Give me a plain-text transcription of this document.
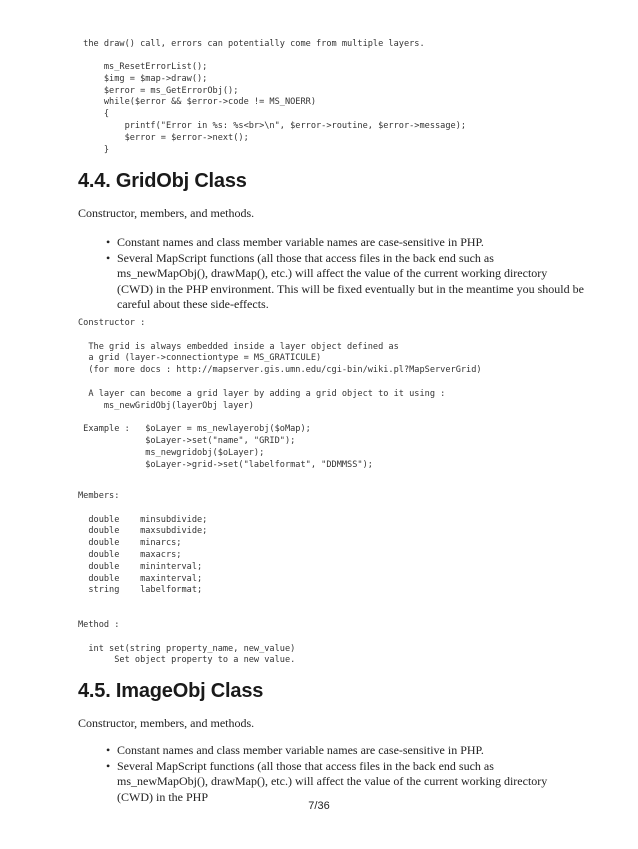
the draw() call, errors can potentially come from multiple layers.
ms_ResetErrorList();
$img = $map->draw();
$error = ms_GetErrorObj();
while($error && $error->code != MS_NOERR)
{
printf("Error in %s: %s<br>\n", $error->routine, $error->message);
$error = $error->next();
}
4.4. GridObj Class

Constructor, members, and methods.

• Constant names and class member variable names are case-sensitive in PHP.
• Several MapScript functions (all those that access files in the back end such as ms_newMapObj(), drawMap(), etc.) will affect the value of the current working directory (CWD) in the PHP environment. This will be fixed eventually but in the meantime you should be careful about these side-effects.
Constructor :

The grid is always embedded inside a layer object defined as
a grid (layer->connectiontype = MS_GRATICULE)
(for more docs : http://mapserver.gis.umn.edu/cgi-bin/wiki.pl?MapServerGrid)

A layer can become a grid layer by adding a grid object to it using :
ms_newGridObj(layerObj layer)

Example :   $oLayer = ms_newlayerobj($oMap);
$oLayer->set("name", "GRID");
ms_newgridobj($oLayer);
$oLayer->grid->set("labelformat", "DDMMSS");
Members:

double    minsubdivide;
double    maxsubdivide;
double    minarcs;
double    maxacrs;
double    mininterval;
double    maxinterval;
string    labelformat;
Method :

int set(string property_name, new_value)
Set object property to a new value.
4.5. ImageObj Class

Constructor, members, and methods.

• Constant names and class member variable names are case-sensitive in PHP.
• Several MapScript functions (all those that access files in the back end such as ms_newMapObj(), drawMap(), etc.) will affect the value of the current working directory (CWD) in the PHP
7/36
